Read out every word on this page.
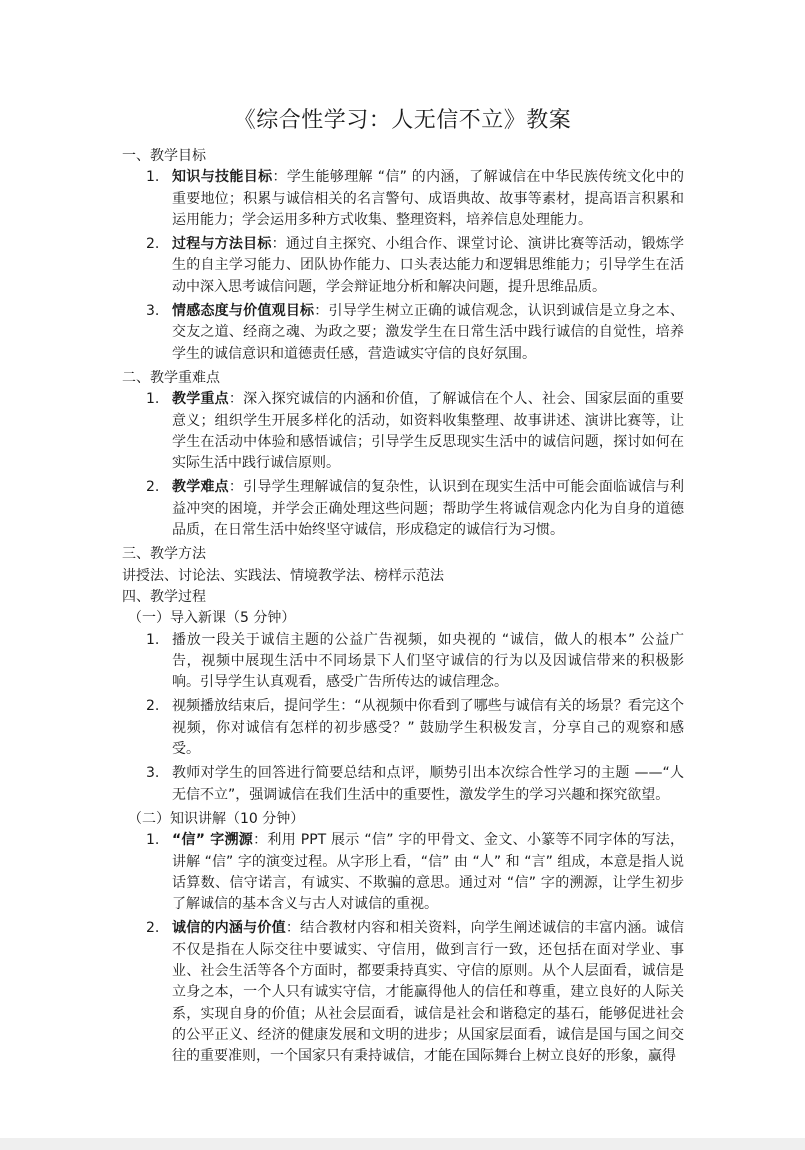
《综合性学习：人无信不立》教案
一、教学目标
1. 知识与技能目标：学生能够理解 “信” 的内涵，了解诚信在中华民族传统文化中的重要地位；积累与诚信相关的名言警句、成语典故、故事等素材，提高语言积累和运用能力；学会运用多种方式收集、整理资料，培养信息处理能力。
2. 过程与方法目标：通过自主探究、小组合作、课堂讨论、演讲比赛等活动，锻炼学生的自主学习能力、团队协作能力、口头表达能力和逻辑思维能力；引导学生在活动中深入思考诚信问题，学会辩证地分析和解决问题，提升思维品质。
3. 情感态度与价值观目标：引导学生树立正确的诚信观念，认识到诚信是立身之本、交友之道、经商之魂、为政之要；激发学生在日常生活中践行诚信的自觉性，培养学生的诚信意识和道德责任感，营造诚实守信的良好氛围。
二、教学重难点
1. 教学重点：深入探究诚信的内涵和价值，了解诚信在个人、社会、国家层面的重要意义；组织学生开展多样化的活动，如资料收集整理、故事讲述、演讲比赛等，让学生在活动中体验和感悟诚信；引导学生反思现实生活中的诚信问题，探讨如何在实际生活中践行诚信原则。
2. 教学难点：引导学生理解诚信的复杂性，认识到在现实生活中可能会面临诚信与利益冲突的困境，并学会正确处理这些问题；帮助学生将诚信观念内化为自身的道德品质，在日常生活中始终坚守诚信，形成稳定的诚信行为习惯。
三、教学方法
讲授法、讨论法、实践法、情境教学法、榜样示范法
四、教学过程
（一）导入新课（5 分钟）
1. 播放一段关于诚信主题的公益广告视频，如央视的 “诚信，做人的根本” 公益广告，视频中展现生活中不同场景下人们坚守诚信的行为以及因诚信带来的积极影响。引导学生认真观看，感受广告所传达的诚信理念。
2. 视频播放结束后，提问学生：“从视频中你看到了哪些与诚信有关的场景？看完这个视频，你对诚信有怎样的初步感受？” 鼓励学生积极发言，分享自己的观察和感受。
3. 教师对学生的回答进行简要总结和点评，顺势引出本次综合性学习的主题 ——“人无信不立”，强调诚信在我们生活中的重要性，激发学生的学习兴趣和探究欲望。
（二）知识讲解（10 分钟）
1. “信” 字溯源：利用 PPT 展示 “信” 字的甲骨文、金文、小篆等不同字体的写法，讲解 “信” 字的演变过程。从字形上看，“信” 由 “人” 和 “言” 组成，本意是指人说话算数、信守诺言，有诚实、不欺骗的意思。通过对 “信” 字的溯源，让学生初步了解诚信的基本含义与古人对诚信的重视。
2. 诚信的内涵与价值：结合教材内容和相关资料，向学生阐述诚信的丰富内涵。诚信不仅是指在人际交往中要诚实、守信用，做到言行一致，还包括在面对学业、事业、社会生活等各个方面时，都要秉持真实、守信的原则。从个人层面看，诚信是立身之本，一个人只有诚实守信，才能赢得他人的信任和尊重，建立良好的人际关系，实现自身的价值；从社会层面看，诚信是社会和谐稳定的基石，能够促进社会的公平正义、经济的健康发展和文明的进步；从国家层面看，诚信是国与国之间交往的重要准则，一个国家只有秉持诚信，才能在国际舞台上树立良好的形象，赢得
